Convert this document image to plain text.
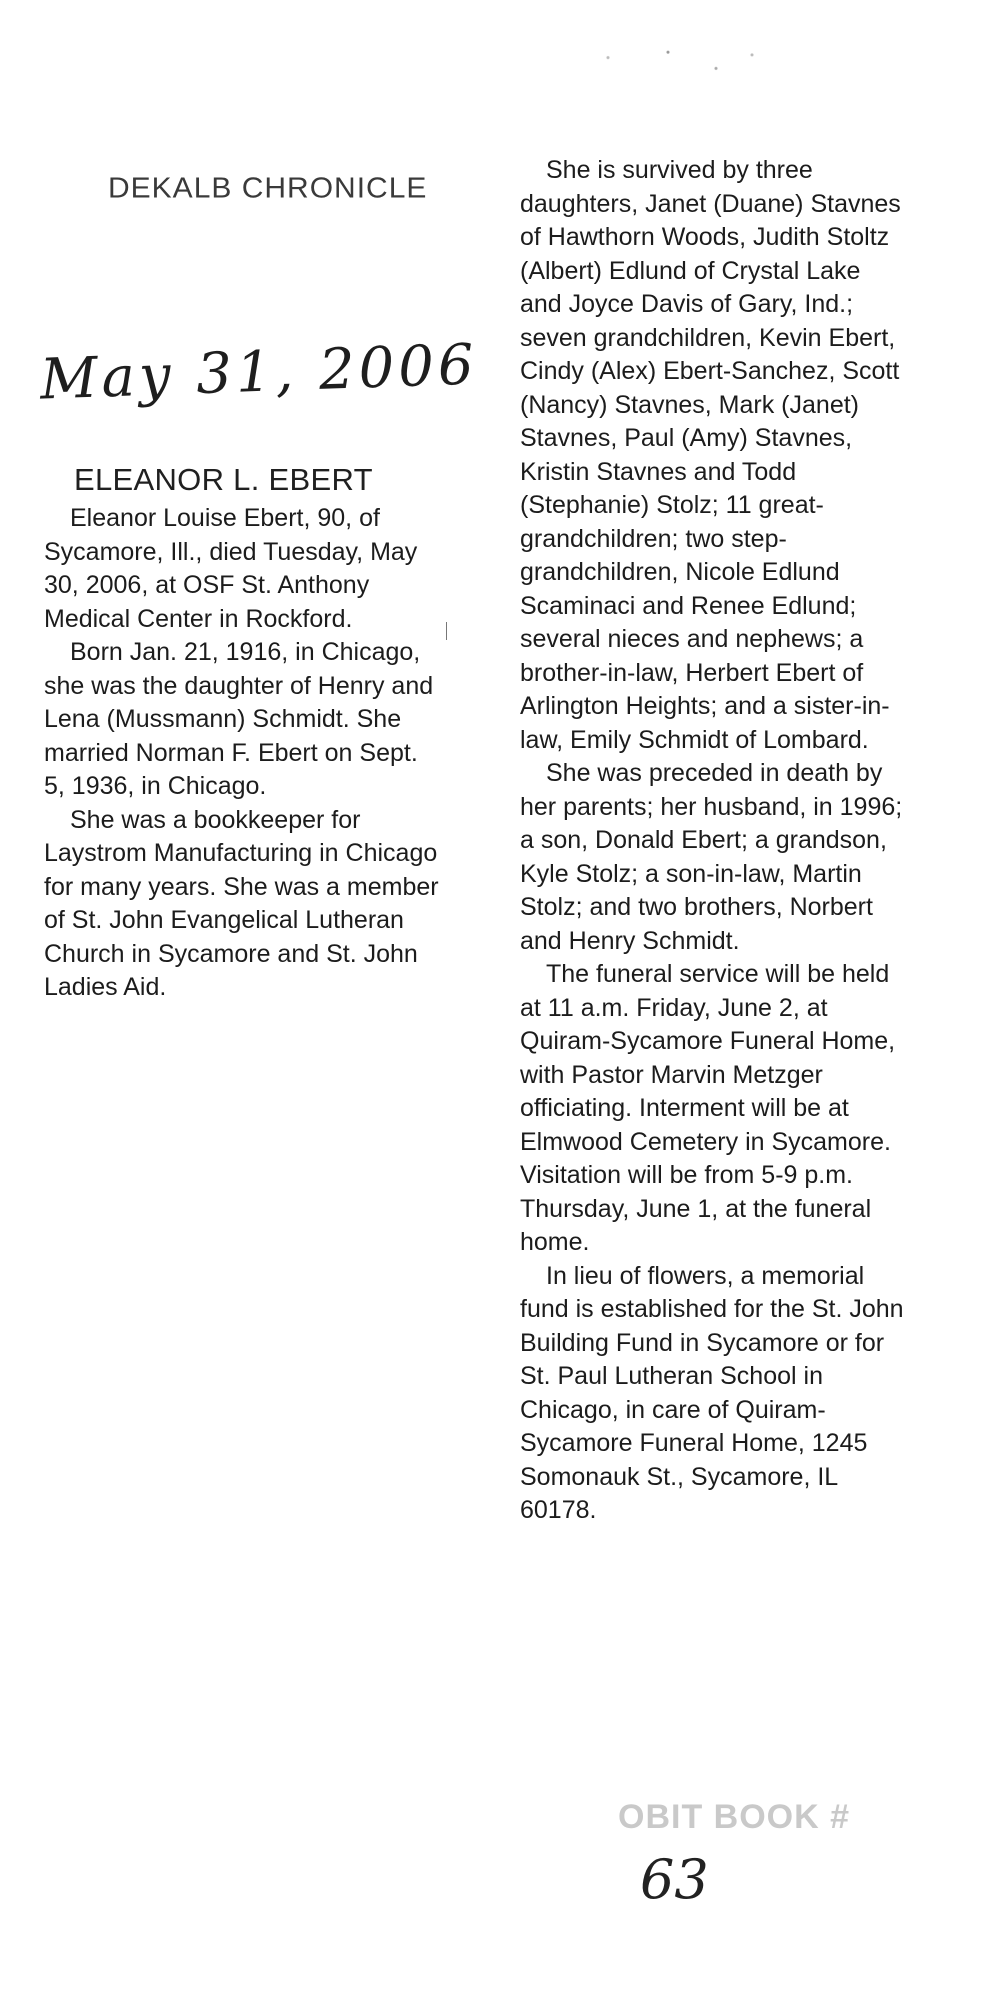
DEKALB CHRONICLE
May 31, 2006
ELEANOR L. EBERT

Eleanor Louise Ebert, 90, of Sycamore, Ill., died Tuesday, May 30, 2006, at OSF St. Anthony Medical Center in Rockford.

Born Jan. 21, 1916, in Chicago, she was the daughter of Henry and Lena (Mussmann) Schmidt. She married Norman F. Ebert on Sept. 5, 1936, in Chicago.

She was a bookkeeper for Laystrom Manufacturing in Chicago for many years. She was a member of St. John Evangelical Lutheran Church in Sycamore and St. John Ladies Aid.

She is survived by three daughters, Janet (Duane) Stavnes of Hawthorn Woods, Judith Stoltz (Albert) Edlund of Crystal Lake and Joyce Davis of Gary, Ind.; seven grandchildren, Kevin Ebert, Cindy (Alex) Ebert-Sanchez, Scott (Nancy) Stavnes, Mark (Janet) Stavnes, Paul (Amy) Stavnes, Kristin Stavnes and Todd (Stephanie) Stolz; 11 great-grandchildren; two step-grandchildren, Nicole Edlund Scaminaci and Renee Edlund; several nieces and nephews; a brother-in-law, Herbert Ebert of Arlington Heights; and a sister-in-law, Emily Schmidt of Lombard.

She was preceded in death by her parents; her husband, in 1996; a son, Donald Ebert; a grandson, Kyle Stolz; a son-in-law, Martin Stolz; and two brothers, Norbert and Henry Schmidt.

The funeral service will be held at 11 a.m. Friday, June 2, at Quiram-Sycamore Funeral Home, with Pastor Marvin Metzger officiating. Interment will be at Elmwood Cemetery in Sycamore. Visitation will be from 5-9 p.m. Thursday, June 1, at the funeral home.

In lieu of flowers, a memorial fund is established for the St. John Building Fund in Sycamore or for St. Paul Lutheran School in Chicago, in care of Quiram-Sycamore Funeral Home, 1245 Somonauk St., Sycamore, IL 60178.

OBIT BOOK #
63
